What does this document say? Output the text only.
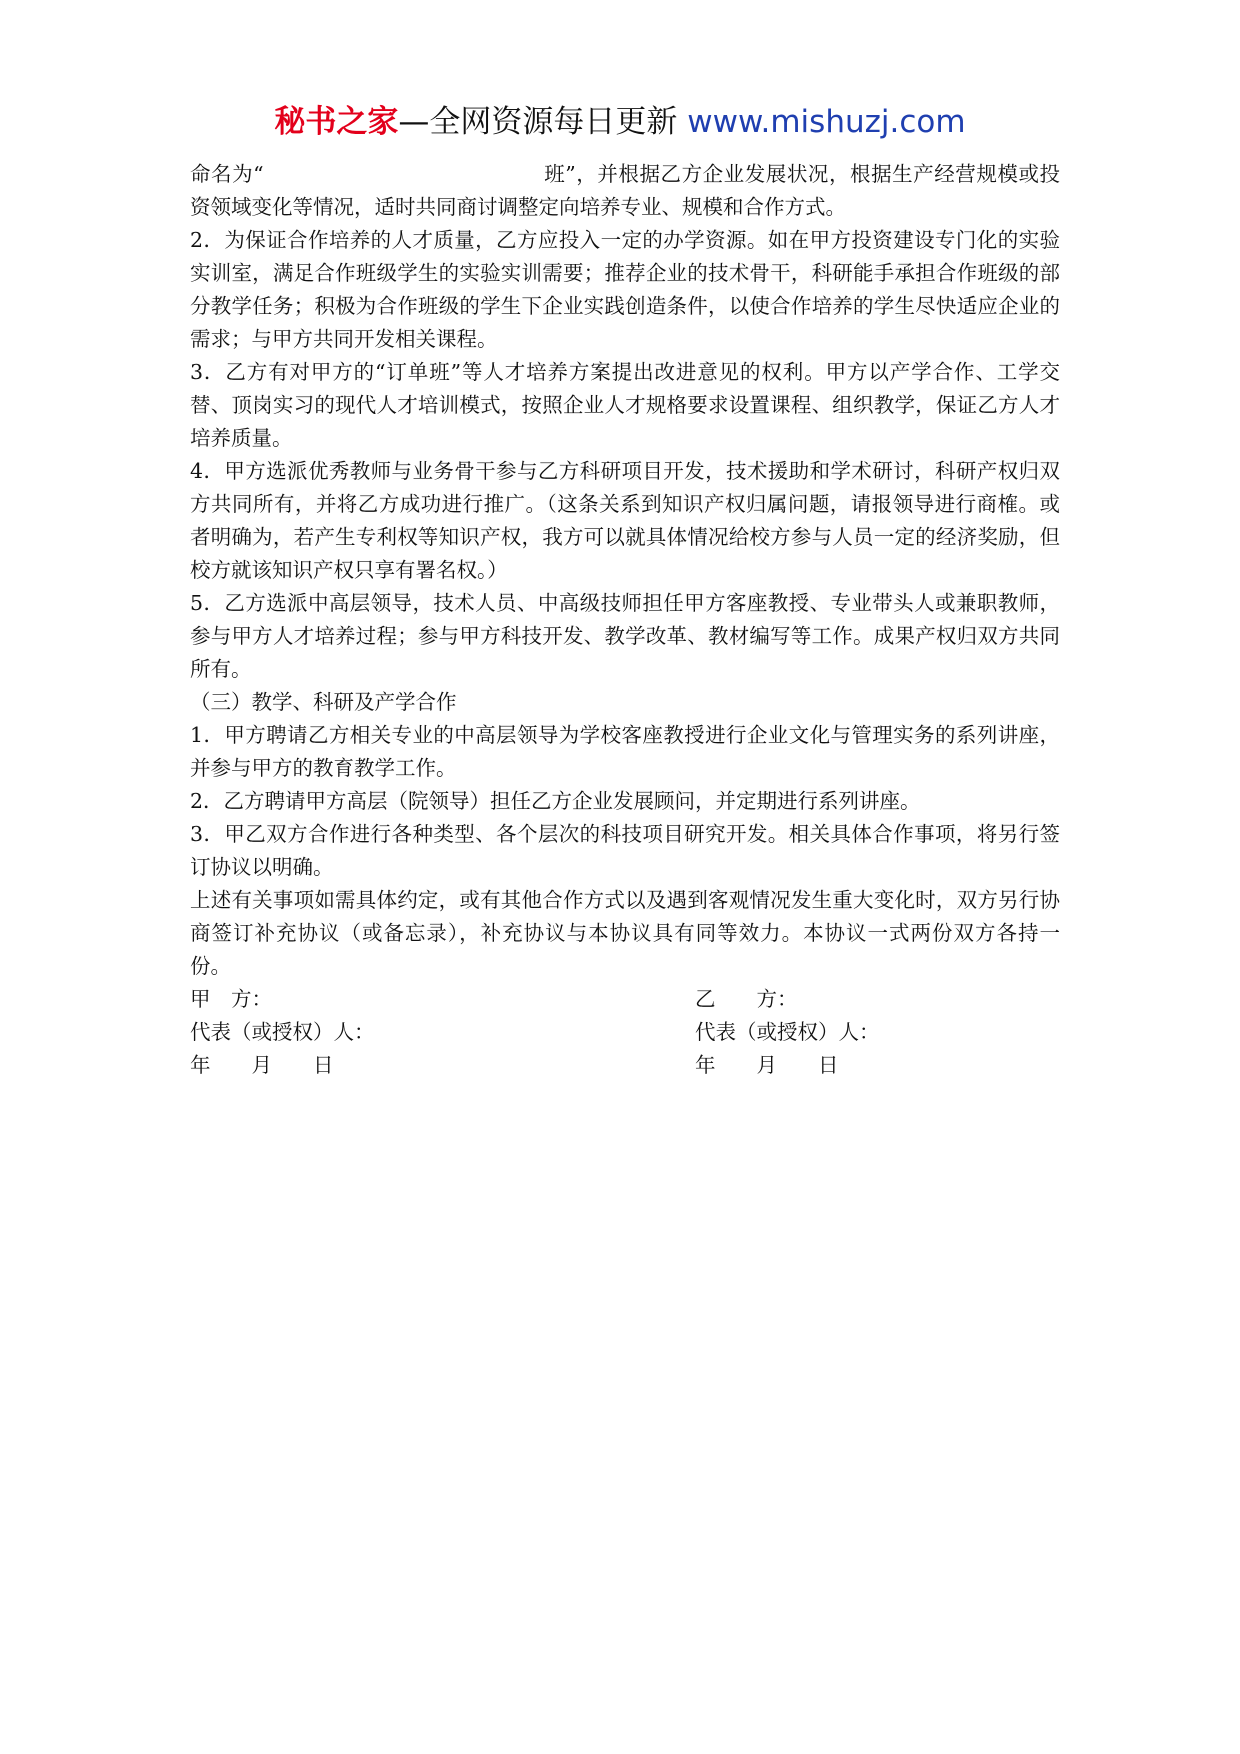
秘书之家—全网资源每日更新 www.mishuzj.com

命名为“	班”，并根据乙方企业发展状况，根据生产经营规模或投资领域变化等情况，适时共同商讨调整定向培养专业、规模和合作方式。

2．为保证合作培养的人才质量，乙方应投入一定的办学资源。如在甲方投资建设专门化的实验实训室，满足合作班级学生的实验实训需要；推荐企业的技术骨干，科研能手承担合作班级的部分教学任务；积极为合作班级的学生下企业实践创造条件，以使合作培养的学生尽快适应企业的需求；与甲方共同开发相关课程。

3．乙方有对甲方的“订单班”等人才培养方案提出改进意见的权利。甲方以产学合作、工学交替、顶岗实习的现代人才培训模式，按照企业人才规格要求设置课程、组织教学，保证乙方人才培养质量。

4．甲方选派优秀教师与业务骨干参与乙方科研项目开发，技术援助和学术研讨，科研产权归双方共同所有，并将乙方成功进行推广。（这条关系到知识产权归属问题，请报领导进行商榷。或者明确为，若产生专利权等知识产权，我方可以就具体情况给校方参与人员一定的经济奖励，但校方就该知识产权只享有署名权。）

5．乙方选派中高层领导，技术人员、中高级技师担任甲方客座教授、专业带头人或兼职教师，参与甲方人才培养过程；参与甲方科技开发、教学改革、教材编写等工作。成果产权归双方共同所有。

（三）教学、科研及产学合作

1．甲方聘请乙方相关专业的中高层领导为学校客座教授进行企业文化与管理实务的系列讲座，并参与甲方的教育教学工作。

2．乙方聘请甲方高层（院领导）担任乙方企业发展顾问，并定期进行系列讲座。

3．甲乙双方合作进行各种类型、各个层次的科技项目研究开发。相关具体合作事项，将另行签订协议以明确。

上述有关事项如需具体约定，或有其他合作方式以及遇到客观情况发生重大变化时，双方另行协商签订补充协议（或备忘录），补充协议与本协议具有同等效力。本协议一式两份双方各持一份。

甲　方：	乙　　方：
代表（或授权）人：	代表（或授权）人：
年　　月　　日	年　　月　　日
